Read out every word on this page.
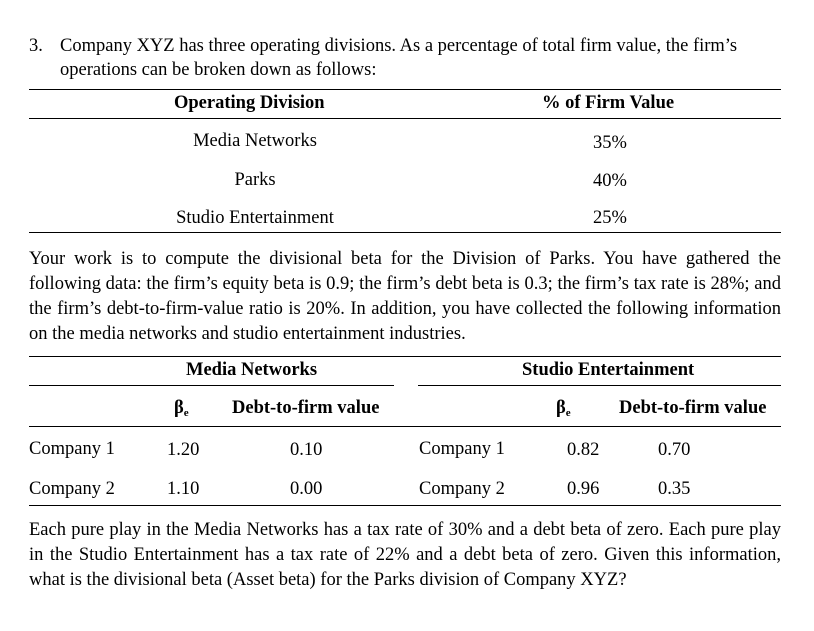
3. Company XYZ has three operating divisions. As a percentage of total firm value, the firm’s
operations can be broken down as follows:
Operating Division	% of Firm Value
Media Networks	35%
Parks	40%
Studio Entertainment	25%
Your work is to compute the divisional beta for the Division of Parks. You have gathered the following data: the firm’s equity beta is 0.9; the firm’s debt beta is 0.3; the firm’s tax rate is 28%; and the firm’s debt-to-firm-value ratio is 20%. In addition, you have collected the following information on the media networks and studio entertainment industries.
Media Networks	Studio Entertainment
$\beta_e$ Debt-to-firm value	$\beta_e$	Debt-to-firm value
Company 1	1.20	0.10	Company 1	0.82	0.70
Company 2	1.10	0.00	Company 2	0.96	0.35
Each pure play in the Media Networks has a tax rate of 30% and a debt beta of zero. Each pure play in the Studio Entertainment has a tax rate of 22% and a debt beta of zero. Given this information, what is the divisional beta (Asset beta) for the Parks division of Company XYZ?
